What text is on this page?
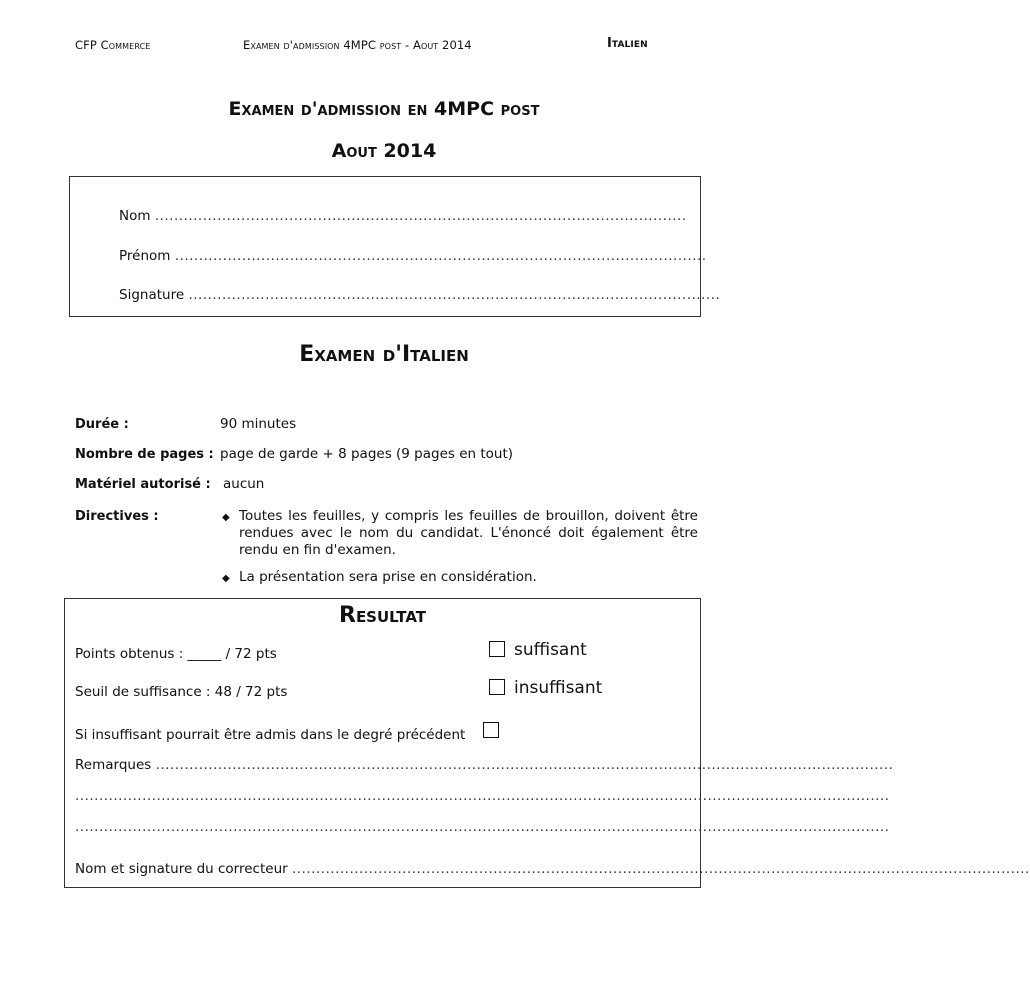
CFP Commerce	Examen d'admission 4MPC post - Aout 2014	Italien
Examen d'admission en 4MPC post
Aout 2014
Nom ...............................................................................................................
Prénom ...............................................................................................................
Signature ...............................................................................................................
Examen d'Italien
Durée :	90 minutes
Nombre de pages : page de garde + 8 pages (9 pages en tout)
Matériel autorisé : aucun
Directives :	◆ Toutes les feuilles, y compris les feuilles de brouillon, doivent être rendues avec le nom du candidat. L'énoncé doit également être rendu en fin d'examen.
◆ La présentation sera prise en considération.
Resultat
Points obtenus : _____ / 72 pts	suffisant
Seuil de suffisance : 48 / 72 pts	insuffisant
Si insuffisant pourrait être admis dans le degré précédent
Remarques ..........................................................................................................................................................
..........................................................................................................................................................................
..........................................................................................................................................................................
Nom et signature du correcteur ..........................................................................................................................................................
